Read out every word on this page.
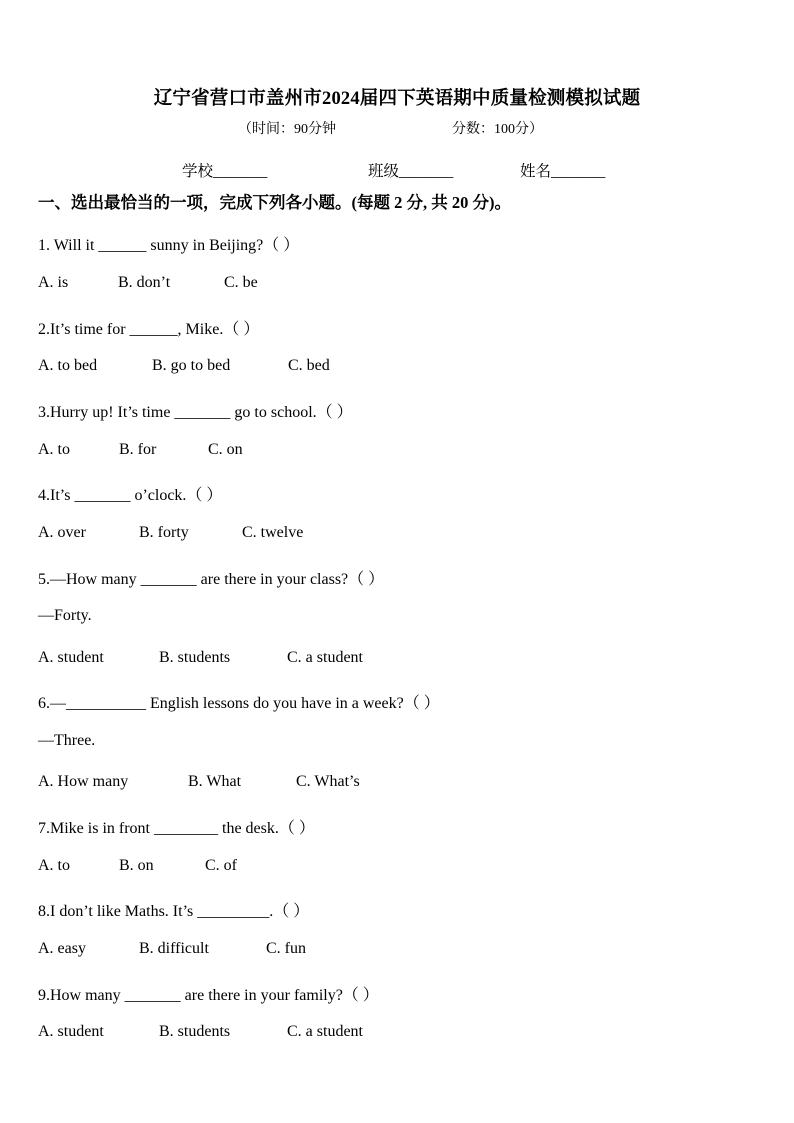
辽宁省营口市盖州市2024届四下英语期中质量检测模拟试题
（时间：90分钟	分数：100分）
学校_______	班级_______	姓名_______
一、选出最恰当的一项，完成下列各小题。(每题 2 分, 共 20 分)。
1. Will it ______ sunny in Beijing?（ ）
A. is	B. don’t	C. be
2.It’s time for ______, Mike.（ ）
A. to bed	B. go to bed	C. bed
3.Hurry up! It’s time _______ go to school.（ ）
A. to	B. for	C. on
4.It’s _______ o’clock.（ ）
A. over	B. forty	C. twelve
5.—How many _______ are there in your class?（ ）
—Forty.
A. student	B. students	C. a student
6.—__________ English lessons do you have in a week?（ ）
—Three.
A. How many	B. What	C. What’s
7.Mike is in front ________ the desk.（ ）
A. to	B. on	C. of
8.I don’t like Maths. It’s _________.（ ）
A. easy	B. difficult	C. fun
9.How many _______ are there in your family?（ ）
A. student	B. students	C. a student
